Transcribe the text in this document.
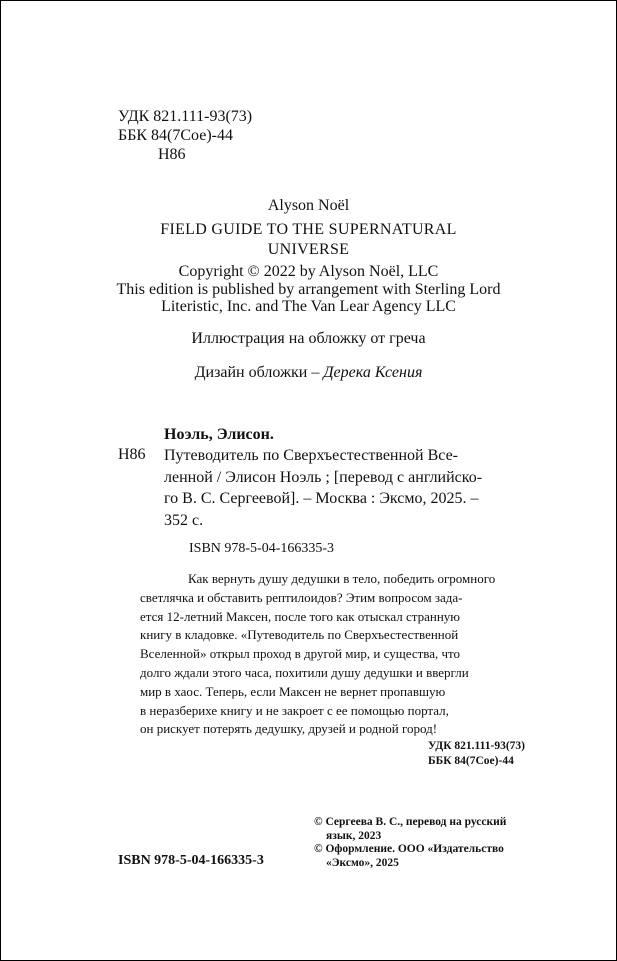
УДК 821.111-93(73)
ББК 84(7Сое)-44
Н86
Alyson Noël
FIELD GUIDE TO THE SUPERNATURAL
UNIVERSE
Copyright © 2022 by Alyson Noël, LLC
This edition is published by arrangement with Sterling Lord
Literistic, Inc. and The Van Lear Agency LLC
Иллюстрация на обложку от греча
Дизайн обложки – Дерека Ксения
Ноэль, Элисон.
Н86 Путеводитель по Сверхъестественной Все-
ленной / Элисон Ноэль ; [перевод с английско-
го В. С. Сергеевой]. – Москва : Эксмо, 2025. –
352 с.
ISBN 978-5-04-166335-3
Как вернуть душу дедушки в тело, победить огромного
светлячка и обставить рептилоидов? Этим вопросом зада-
ется 12-летний Максен, после того как отыскал странную
книгу в кладовке. «Путеводитель по Сверхъестественной
Вселенной» открыл проход в другой мир, и существа, что
долго ждали этого часа, похитили душу дедушки и ввергли
мир в хаос. Теперь, если Максен не вернет пропавшую
в неразберихе книгу и не закроет с ее помощью портал,
он рискует потерять дедушку, друзей и родной город!
УДК 821.111-93(73)
ББК 84(7Сое)-44
© Сергеева В. С., перевод на русский
язык, 2023
© Оформление. ООО «Издательство
«Эксмо», 2025
ISBN 978-5-04-166335-3
